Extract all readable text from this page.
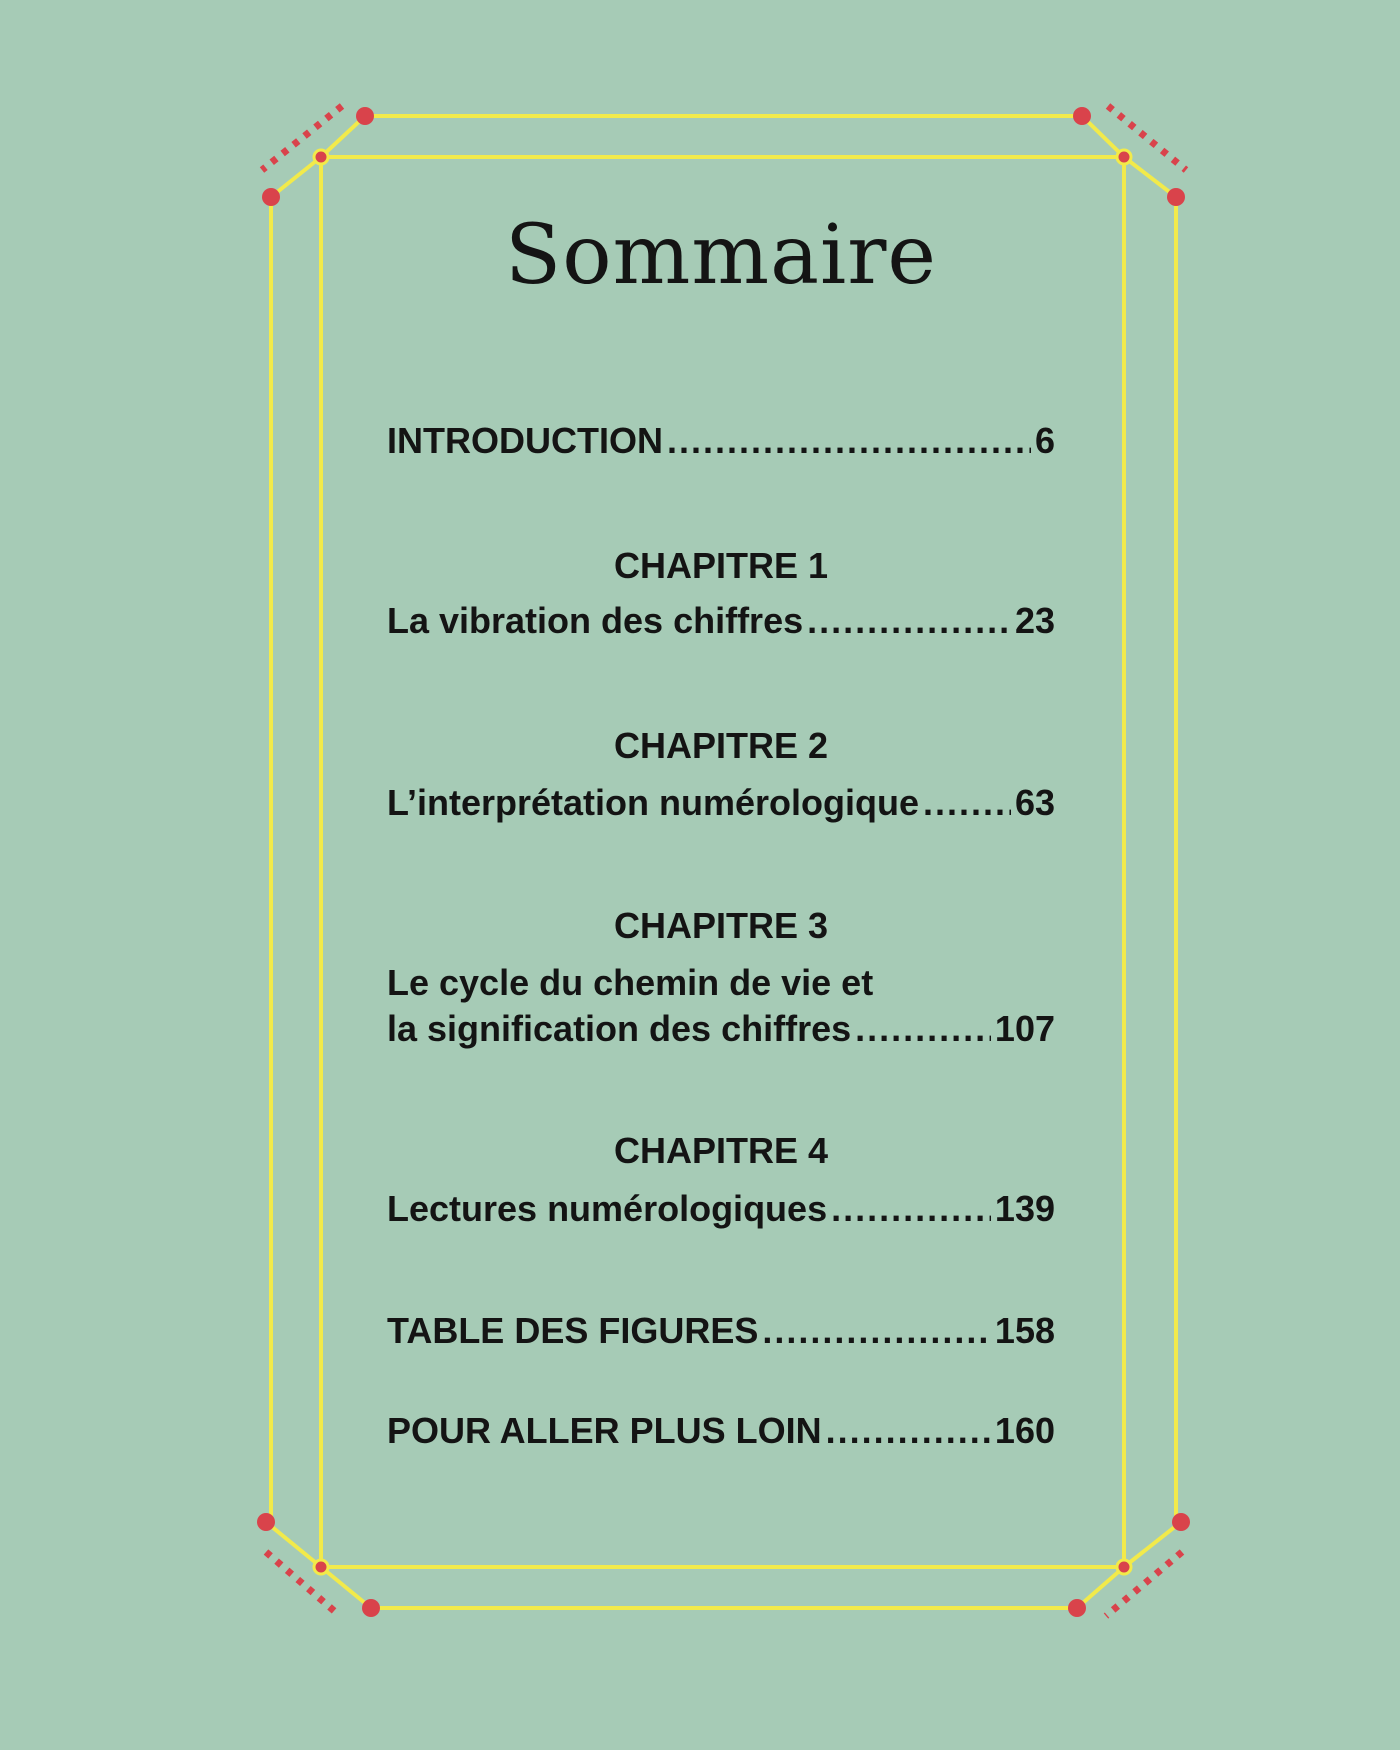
Sommaire
INTRODUCTION .....	6
CHAPITRE 1
La vibration des chiffres .....	23
CHAPITRE 2
L’interprétation numérologique .....	63
CHAPITRE 3
Le cycle du chemin de vie et
la signification des chiffres .....	107
CHAPITRE 4
Lectures numérologiques .....	139
TABLE DES FIGURES .....	158
POUR ALLER PLUS LOIN .....	160
